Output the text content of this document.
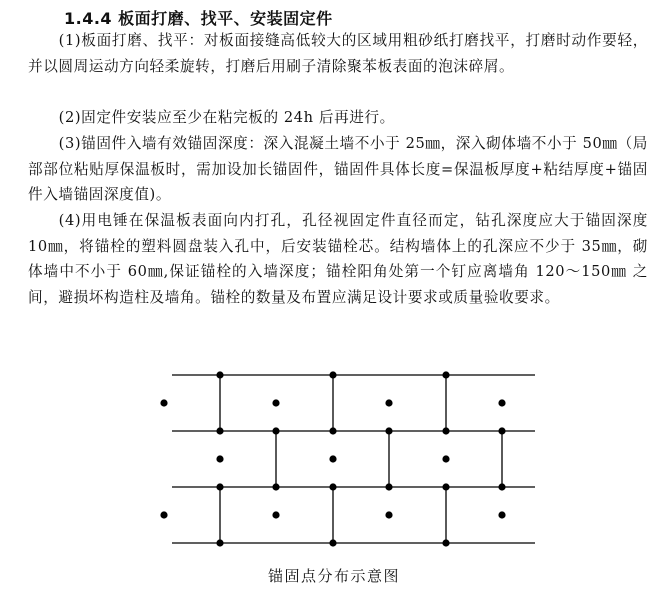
1.4.4 板面打磨、找平、安装固定件

(1)板面打磨、找平：对板面接缝高低较大的区域用粗砂纸打磨找平，打磨时动作要轻，并以圆周运动方向轻柔旋转，打磨后用刷子清除聚苯板表面的泡沫碎屑。

(2)固定件安装应至少在粘完板的 24h 后再进行。

(3)锚固件入墙有效锚固深度：深入混凝土墙不小于 25㎜，深入砌体墙不小于 50㎜（局部部位粘贴厚保温板时，需加设加长锚固件，锚固件具体长度=保温板厚度+粘结厚度+锚固件入墙锚固深度值)。

(4)用电锤在保温板表面向内打孔，孔径视固定件直径而定，钻孔深度应大于锚固深度 10㎜，将锚栓的塑料圆盘装入孔中，后安装锚栓芯。结构墙体上的孔深应不少于 35㎜，砌体墙中不小于 60㎜,保证锚栓的入墙深度；锚栓阳角处第一个钉应离墙角 120～150㎜ 之间，避损坏构造柱及墙角。锚栓的数量及布置应满足设计要求或质量验收要求。

锚固点分布示意图
